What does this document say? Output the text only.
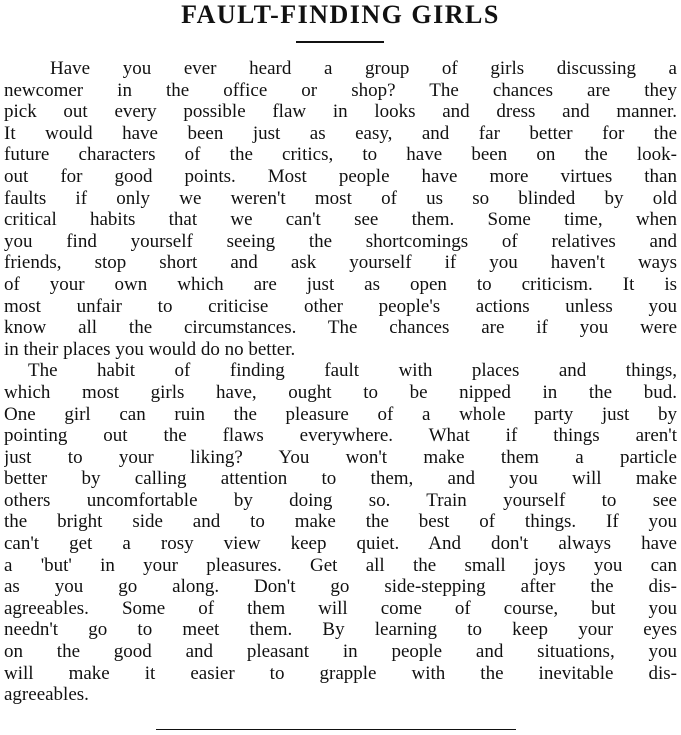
FAULT-FINDING GIRLS
Have you ever heard a group of girls discussing a
newcomer in the office or shop? The chances are they
pick out every possible flaw in looks and dress and manner.
It would have been just as easy, and far better for the
future characters of the critics, to have been on the look-
out for good points. Most people have more virtues than
faults if only we weren't most of us so blinded by old
critical habits that we can't see them. Some time, when
you find yourself seeing the shortcomings of relatives and
friends, stop short and ask yourself if you haven't ways
of your own which are just as open to criticism. It is
most unfair to criticise other people's actions unless you
know all the circumstances. The chances are if you were
in their places you would do no better.
The habit of finding fault with places and things,
which most girls have, ought to be nipped in the bud.
One girl can ruin the pleasure of a whole party just by
pointing out the flaws everywhere. What if things aren't
just to your liking? You won't make them a particle
better by calling attention to them, and you will make
others uncomfortable by doing so. Train yourself to see
the bright side and to make the best of things. If you
can't get a rosy view keep quiet. And don't always have
a 'but' in your pleasures. Get all the small joys you can
as you go along. Don't go side-stepping after the dis-
agreeables. Some of them will come of course, but you
needn't go to meet them. By learning to keep your eyes
on the good and pleasant in people and situations, you
will make it easier to grapple with the inevitable dis-
agreeables.
